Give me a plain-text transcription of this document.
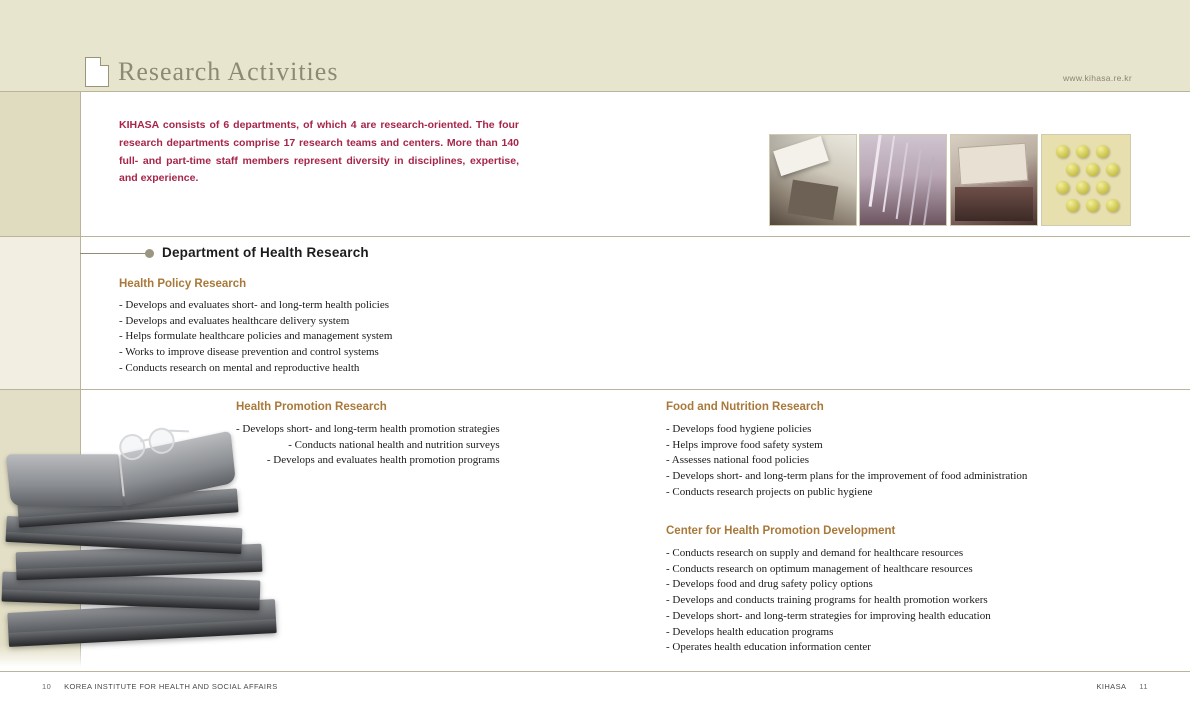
Research Activities	www.kihasa.re.kr
KIHASA consists of 6 departments, of which 4 are research-oriented. The four research departments comprise 17 research teams and centers. More than 140 full- and part-time staff members represent diversity in disciplines, expertise, and experience.
Department of Health Research
Health Policy Research
- Develops and evaluates short- and long-term health policies
- Develops and evaluates healthcare delivery system
- Helps formulate healthcare policies and management system
- Works to improve disease prevention and control systems
- Conducts research on mental and reproductive health
Health Promotion Research
- Develops short- and long-term health promotion strategies
- Conducts national health and nutrition surveys
- Develops and evaluates health promotion programs
Food and Nutrition Research
- Develops food hygiene policies
- Helps improve food safety system
- Assesses national food policies
- Develops short- and long-term plans for the improvement of food administration
- Conducts research projects on public hygiene
Center for Health Promotion Development
- Conducts research on supply and demand for healthcare resources
- Conducts research on optimum management of healthcare resources
- Develops food and drug safety policy options
- Develops and conducts training programs for health promotion workers
- Develops short- and long-term strategies for improving health education
- Develops health education programs
- Operates health education information center
10 KOREA INSTITUTE FOR HEALTH AND SOCIAL AFFAIRS	KIHASA 11
